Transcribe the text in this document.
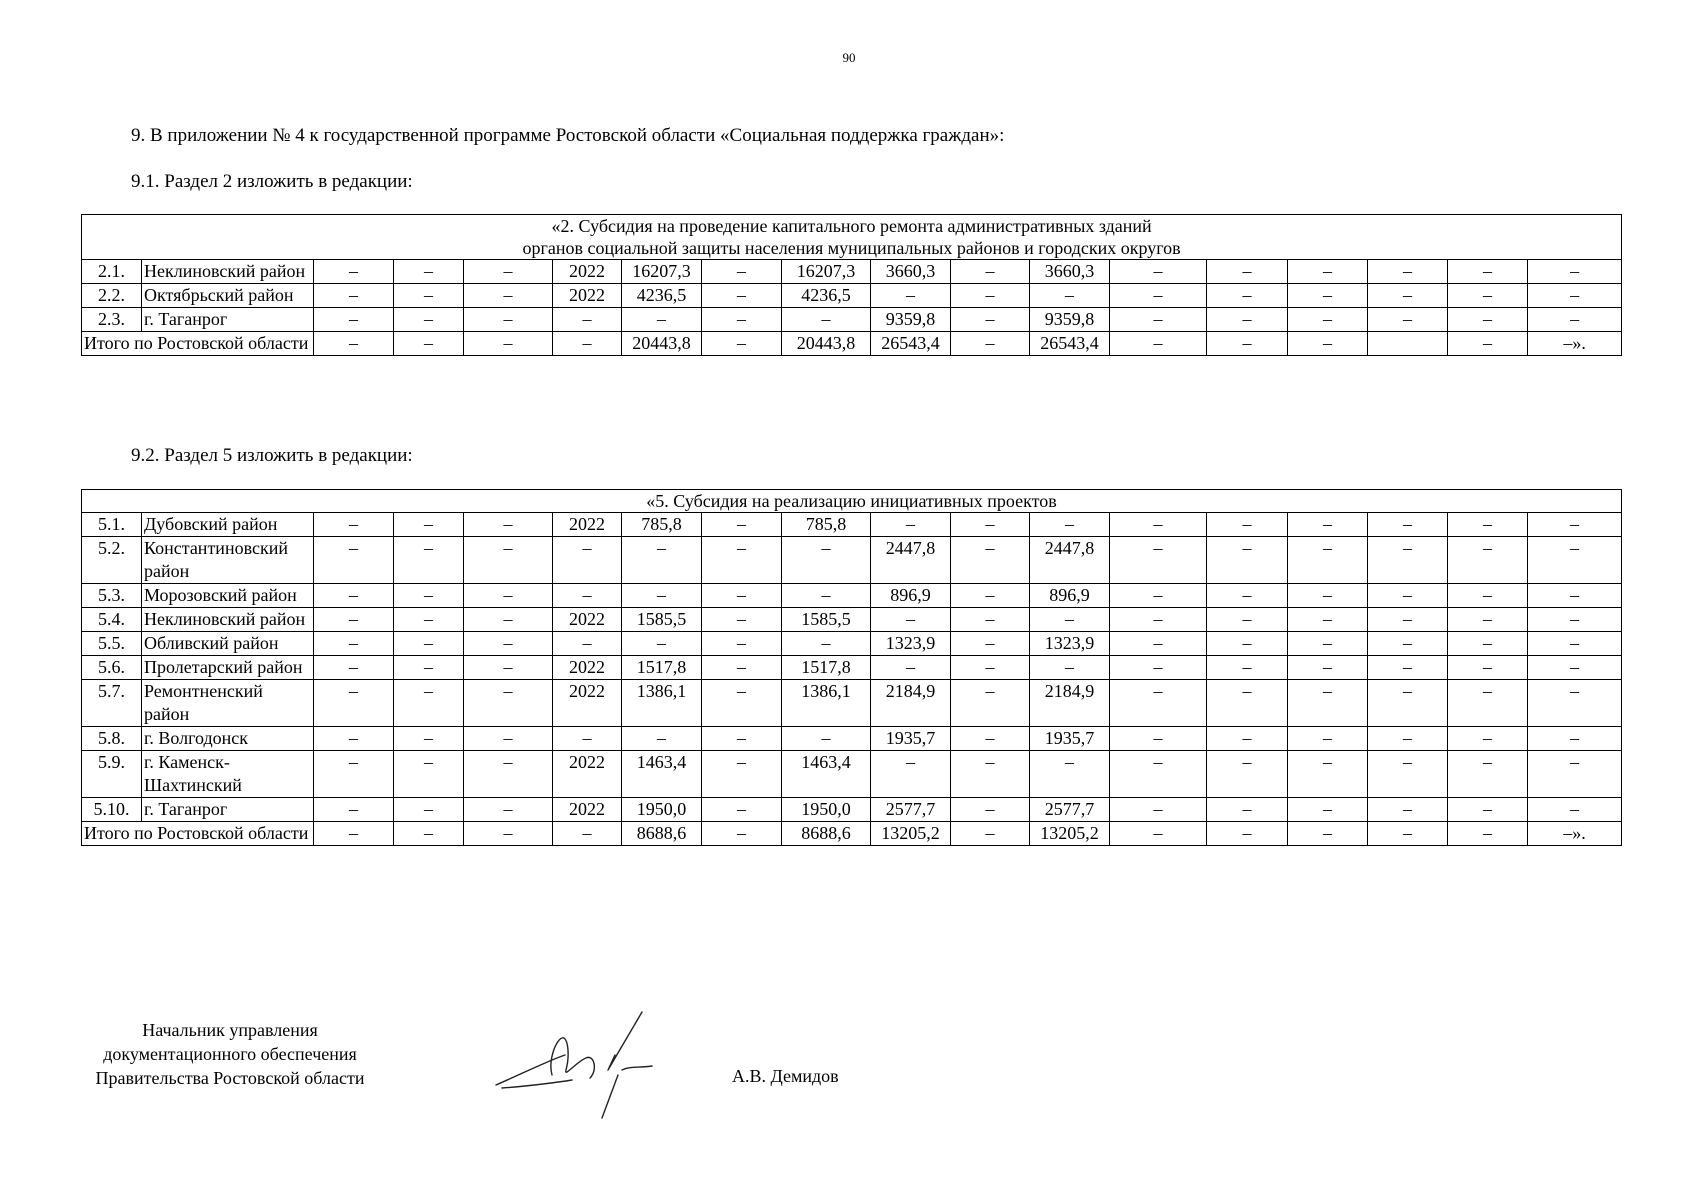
90
9. В приложении № 4 к государственной программе Ростовской области «Социальная поддержка граждан»:
9.1. Раздел 2 изложить в редакции:
«2. Субсидия на проведение капитального ремонта административных зданий
органов социальной защиты населения муниципальных районов и городских округов																	

2.1.	Неклиновский район	–	–	–	2022	16207,3	–	16207,3	3660,3	–	3660,3	–	–	–	–	–	–
2.2.	Октябрьский район	–	–	–	2022	4236,5	–	4236,5	–	–	–	–	–	–	–	–	–
2.3.	г. Таганрог	–	–	–	–	–	–	–	9359,8	–	9359,8	–	–	–	–	–	–
Итого по Ростовской области		–	–	–	–	20443,8	–	20443,8	26543,4	–	26543,4	–	–	–		–	–».
9.2. Раздел 5 изложить в редакции:
«5. Субсидия на реализацию инициативных проектов																	

5.1.	Дубовский район	–	–	–	2022	785,8	–	785,8	–	–	–	–	–	–	–	–	–
5.2.	Константиновский район	–	–	–	–	–	–	–	2447,8	–	2447,8	–	–	–	–	–	–
5.3.	Морозовский район	–	–	–	–	–	–	–	896,9	–	896,9	–	–	–	–	–	–
5.4.	Неклиновский район	–	–	–	2022	1585,5	–	1585,5	–	–	–	–	–	–	–	–	–
5.5.	Обливский район	–	–	–	–	–	–	–	1323,9	–	1323,9	–	–	–	–	–	–
5.6.	Пролетарский район	–	–	–	2022	1517,8	–	1517,8	–	–	–	–	–	–	–	–	–
5.7.	Ремонтненский район	–	–	–	2022	1386,1	–	1386,1	2184,9	–	2184,9	–	–	–	–	–	–
5.8.	г. Волгодонск	–	–	–	–	–	–	–	1935,7	–	1935,7	–	–	–	–	–	–
5.9.	г. Каменск-Шахтинский	–	–	–	2022	1463,4	–	1463,4	–	–	–	–	–	–	–	–	–
5.10.	г. Таганрог	–	–	–	2022	1950,0	–	1950,0	2577,7	–	2577,7	–	–	–	–	–	–
Итого по Ростовской области		–	–	–	–	8688,6	–	8688,6	13205,2	–	13205,2	–	–	–	–	–	–».
Начальник управления
документационного обеспечения
Правительства Ростовской области	А.В. Демидов
